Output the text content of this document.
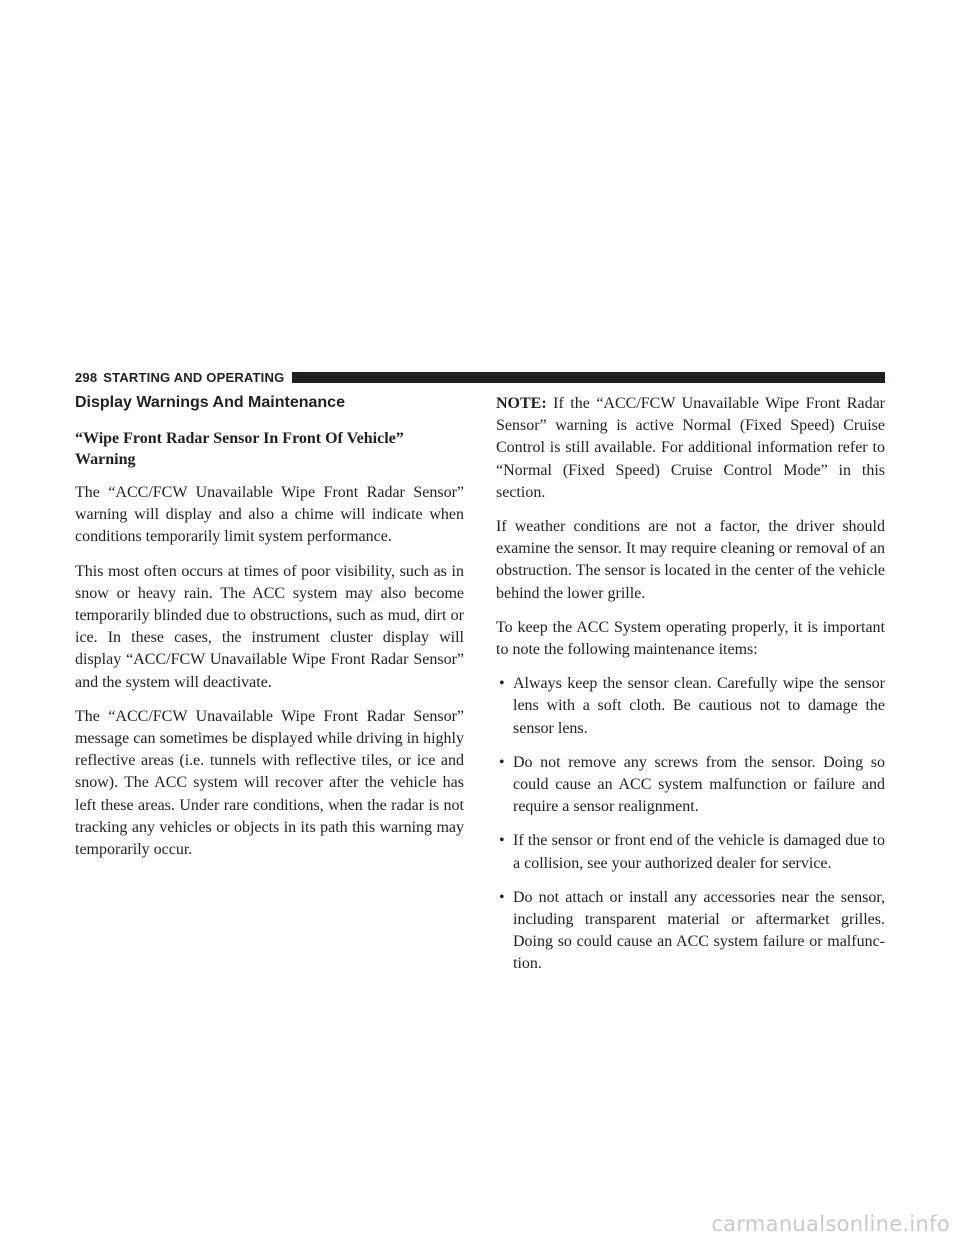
298 STARTING AND OPERATING
Display Warnings And Maintenance
“Wipe Front Radar Sensor In Front Of Vehicle” Warning

The “ACC/FCW Unavailable Wipe Front Radar Sensor” warning will display and also a chime will indicate when conditions temporarily limit system performance.

This most often occurs at times of poor visibility, such as in snow or heavy rain. The ACC system may also become temporarily blinded due to obstructions, such as mud, dirt or ice. In these cases, the instrument cluster display will display “ACC/FCW Unavailable Wipe Front Radar Sensor” and the system will deactivate.

The “ACC/FCW Unavailable Wipe Front Radar Sensor” message can sometimes be displayed while driving in highly reflective areas (i.e. tunnels with reflective tiles, or ice and snow). The ACC system will recover after the vehicle has left these areas. Under rare conditions, when the radar is not tracking any vehicles or objects in its path this warning may temporarily occur.

NOTE: If the “ACC/FCW Unavailable Wipe Front Radar Sensor” warning is active Normal (Fixed Speed) Cruise Control is still available. For additional information refer to “Normal (Fixed Speed) Cruise Control Mode” in this section.

If weather conditions are not a factor, the driver should examine the sensor. It may require cleaning or removal of an obstruction. The sensor is located in the center of the vehicle behind the lower grille.

To keep the ACC System operating properly, it is important to note the following maintenance items:

• Always keep the sensor clean. Carefully wipe the sensor lens with a soft cloth. Be cautious not to damage the sensor lens.
• Do not remove any screws from the sensor. Doing so could cause an ACC system malfunction or failure and require a sensor realignment.
• If the sensor or front end of the vehicle is damaged due to a collision, see your authorized dealer for service.
• Do not attach or install any accessories near the sensor, including transparent material or aftermarket grilles. Doing so could cause an ACC system failure or malfunction.
carmanualsonline.info
